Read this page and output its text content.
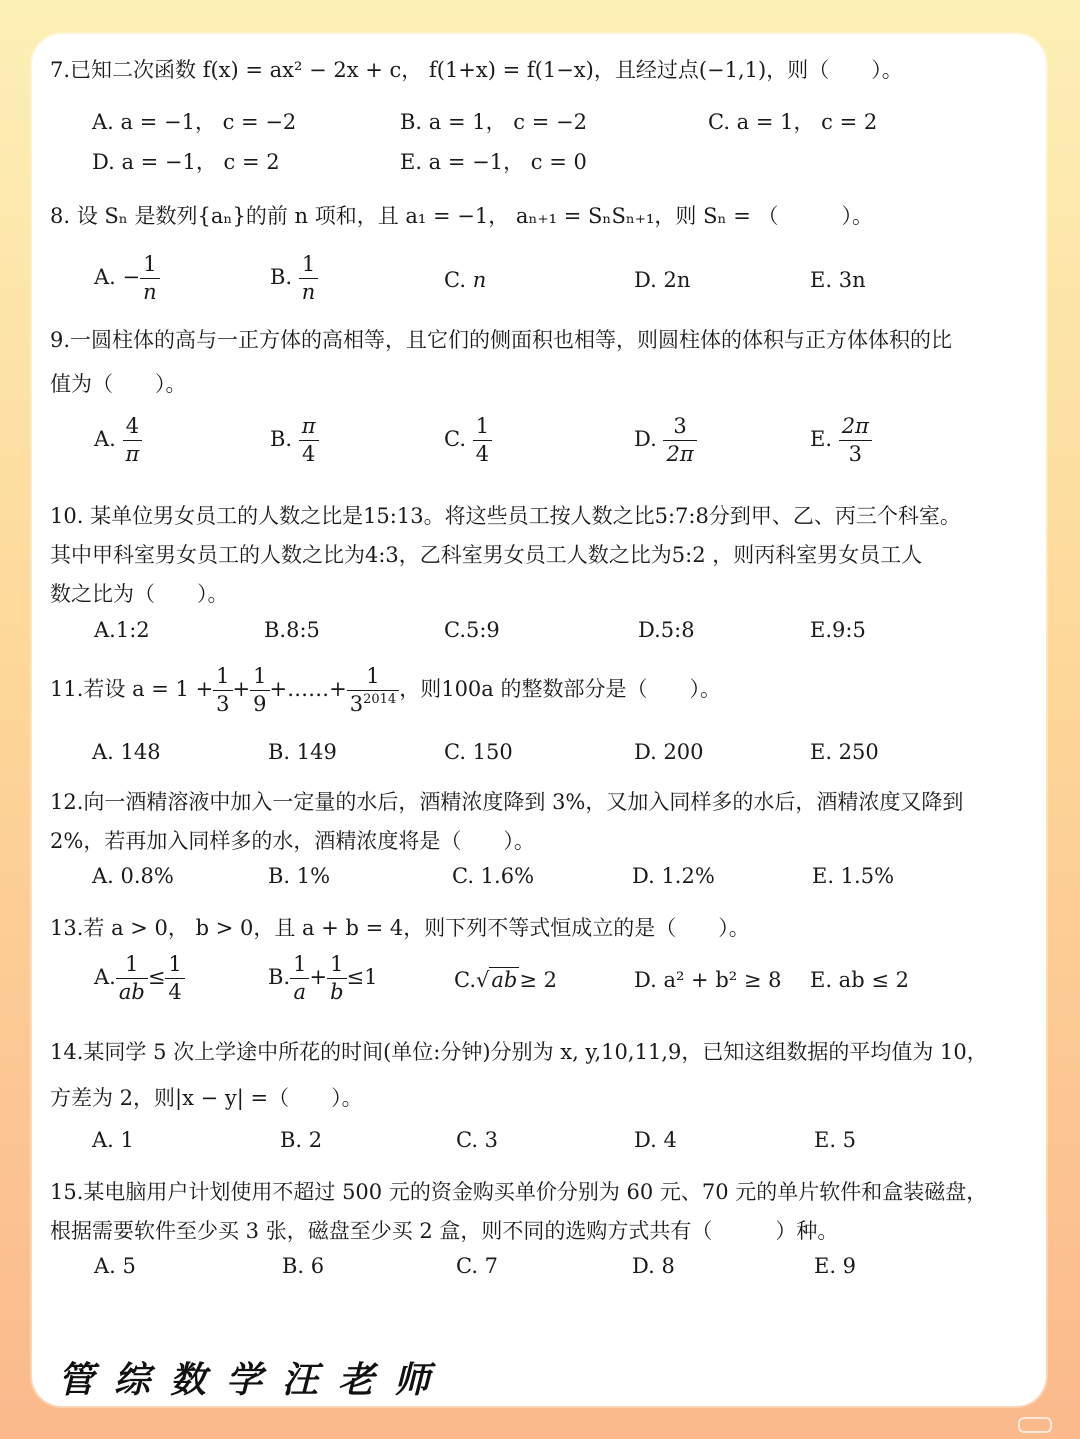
7.已知二次函数 f(x) = ax² − 2x + c， f(1+x) = f(1−x)，且经过点(−1,1)，则（　　）。
A. a = −1， c = −2	B. a = 1， c = −2	C. a = 1， c = 2
D. a = −1， c = 2	E. a = −1， c = 0
8. 设 Sₙ 是数列{aₙ}的前 n 项和，且 a₁ = −1， aₙ₊₁ = SₙSₙ₊₁，则 Sₙ = （　　　）。
A. − $\frac{1}{n}$	B. $\frac{1}{n}$	C. n	D. 2n	E. 3n
9.一圆柱体的高与一正方体的高相等，且它们的侧面积也相等，则圆柱体的体积与正方体体积的比
值为（　　）。
A. $\frac{4}{\pi}$	B. $\frac{\pi}{4}$	C. $\frac{1}{4}$	D. $\frac{3}{2\pi}$	E. $\frac{2\pi}{3}$
10. 某单位男女员工的人数之比是15:13。将这些员工按人数之比5:7:8分到甲、乙、丙三个科室。
其中甲科室男女员工的人数之比为4:3，乙科室男女员工人数之比为5:2 ，则丙科室男女员工人
数之比为（　　）。
A.1:2	B.8:5	C.5:9	D.5:8	E.9:5
11.若设 $a = 1 + \frac{1}{3} + \frac{1}{9}$ +……+ $\frac{1}{3^{2014}}$ ，则100a 的整数部分是（　　）。
A. 148	B. 149	C. 150	D. 200	E. 250
12.向一酒精溶液中加入一定量的水后，酒精浓度降到 3%，又加入同样多的水后，酒精浓度又降到
2%，若再加入同样多的水，酒精浓度将是（　　）。
A. 0.8%	B. 1%	C. 1.6%	D. 1.2%	E. 1.5%
13.若 a > 0， b > 0，且 a + b = 4，则下列不等式恒成立的是（　　）。
A. $\frac{1}{ab} \le \frac{1}{4}$	B. $\frac{1}{a} + \frac{1}{b} \le 1$	C.√ab≥ 2	D. a² + b² ≥ 8 E. ab ≤ 2
14.某同学 5 次上学途中所花的时间(单位:分钟)分别为 x, y,10,11,9，已知这组数据的平均值为 10，
方差为 2，则|x − y| =（　　）。
A. 1	B. 2	C. 3	D. 4	E. 5
15.某电脑用户计划使用不超过 500 元的资金购买单价分别为 60 元、70 元的单片软件和盒装磁盘，
根据需要软件至少买 3 张，磁盘至少买 2 盒，则不同的选购方式共有（　　　）种。
A. 5	B. 6	C. 7	D. 8	E. 9
管综数学汪老师
